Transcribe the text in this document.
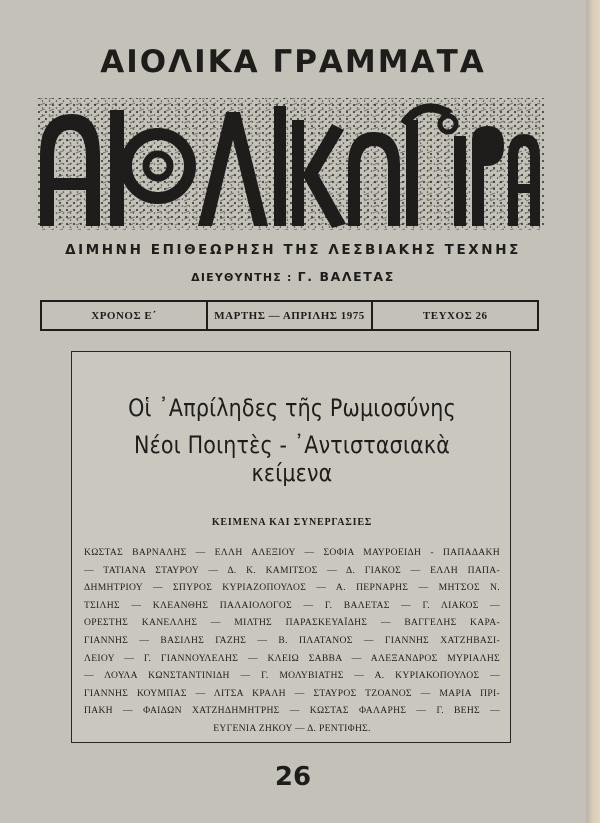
ΑΙΟΛΙΚΑ ΓΡΑΜΜΑΤΑ
ΔΙΜΗΝΗ ΕΠΙΘΕΩΡΗΣΗ ΤΗΣ ΛΕΣΒΙΑΚΗΣ ΤΕΧΝΗΣ
ΔΙΕΥΘΥΝΤΗΣ : Γ. ΒΑΛΕΤΑΣ
ΧΡΟΝΟΣ Ε΄	ΜΑΡΤΗΣ — ΑΠΡΙΛΗΣ 1975	ΤΕΥΧΟΣ 26
Οἱ ᾿Απρίληδες τῆς Ρωμιοσύνης
Νέοι Ποιητὲς - ᾿Αντιστασιακὰ κείμενα
ΚΕΙΜΕΝΑ ΚΑΙ ΣΥΝΕΡΓΑΣΙΕΣ
ΚΩΣΤΑΣ ΒΑΡΝΑΛΗΣ — ΕΛΛΗ ΑΛΕΞΙΟΥ — ΣΟΦΙΑ ΜΑΥΡΟΕΙΔΗ - ΠΑΠΑΔΑΚΗ
— ΤΑΤΙΑΝΑ ΣΤΑΥΡΟΥ — Δ. Κ. ΚΑΜΙΤΣΟΣ — Δ. ΓΙΑΚΟΣ — ΕΛΛΗ ΠΑΠΑ-
ΔΗΜΗΤΡΙΟΥ — ΣΠΥΡΟΣ ΚΥΡΙΑΖΟΠΟΥΛΟΣ — Α. ΠΕΡΝΑΡΗΣ — ΜΗΤΣΟΣ Ν.
ΤΣΙΛΗΣ — ΚΛΕΑΝΘΗΣ ΠΑΛΑΙΟΛΟΓΟΣ — Γ. ΒΑΛΕΤΑΣ — Γ. ΛΙΑΚΟΣ —
ΟΡΕΣΤΗΣ ΚΑΝΕΛΛΗΣ — ΜΙΛΤΗΣ ΠΑΡΑΣΚΕΥΑΪΔΗΣ — ΒΑΓΓΕΛΗΣ ΚΑΡΑ-
ΓΙΑΝΝΗΣ — ΒΑΣΙΛΗΣ ΓΑΖΗΣ — Β. ΠΛΑΤΑΝΟΣ — ΓΙΑΝΝΗΣ ΧΑΤΖΗΒΑΣΙ-
ΛΕΙΟΥ — Γ. ΓΙΑΝΝΟΥΛΕΛΗΣ — ΚΛΕΙΩ ΣΑΒΒΑ — ΑΛΕΞΑΝΔΡΟΣ ΜΥΡΙΑΛΗΣ
— ΛΟΥΛΑ ΚΩΝΣΤΑΝΤΙΝΙΔΗ — Γ. ΜΟΛΥΒΙΑΤΗΣ — Α. ΚΥΡΙΑΚΟΠΟΥΛΟΣ —
ΓΙΑΝΝΗΣ ΚΟΥΜΠΑΣ — ΛΙΤΣΑ ΚΡΑΛΗ — ΣΤΑΥΡΟΣ ΤΖΟΑΝΟΣ — ΜΑΡΙΑ ΠΡΙ-
ΠΑΚΗ — ΦΑΙΔΩΝ ΧΑΤΖΗΔΗΜΗΤΡΗΣ — ΚΩΣΤΑΣ ΦΑΛΑΡΗΣ — Γ. ΒΕΗΣ —
ΕΥΓΕΝΙΑ ΖΗΚΟΥ — Δ. ΡΕΝΤΙΦΗΣ.
26
